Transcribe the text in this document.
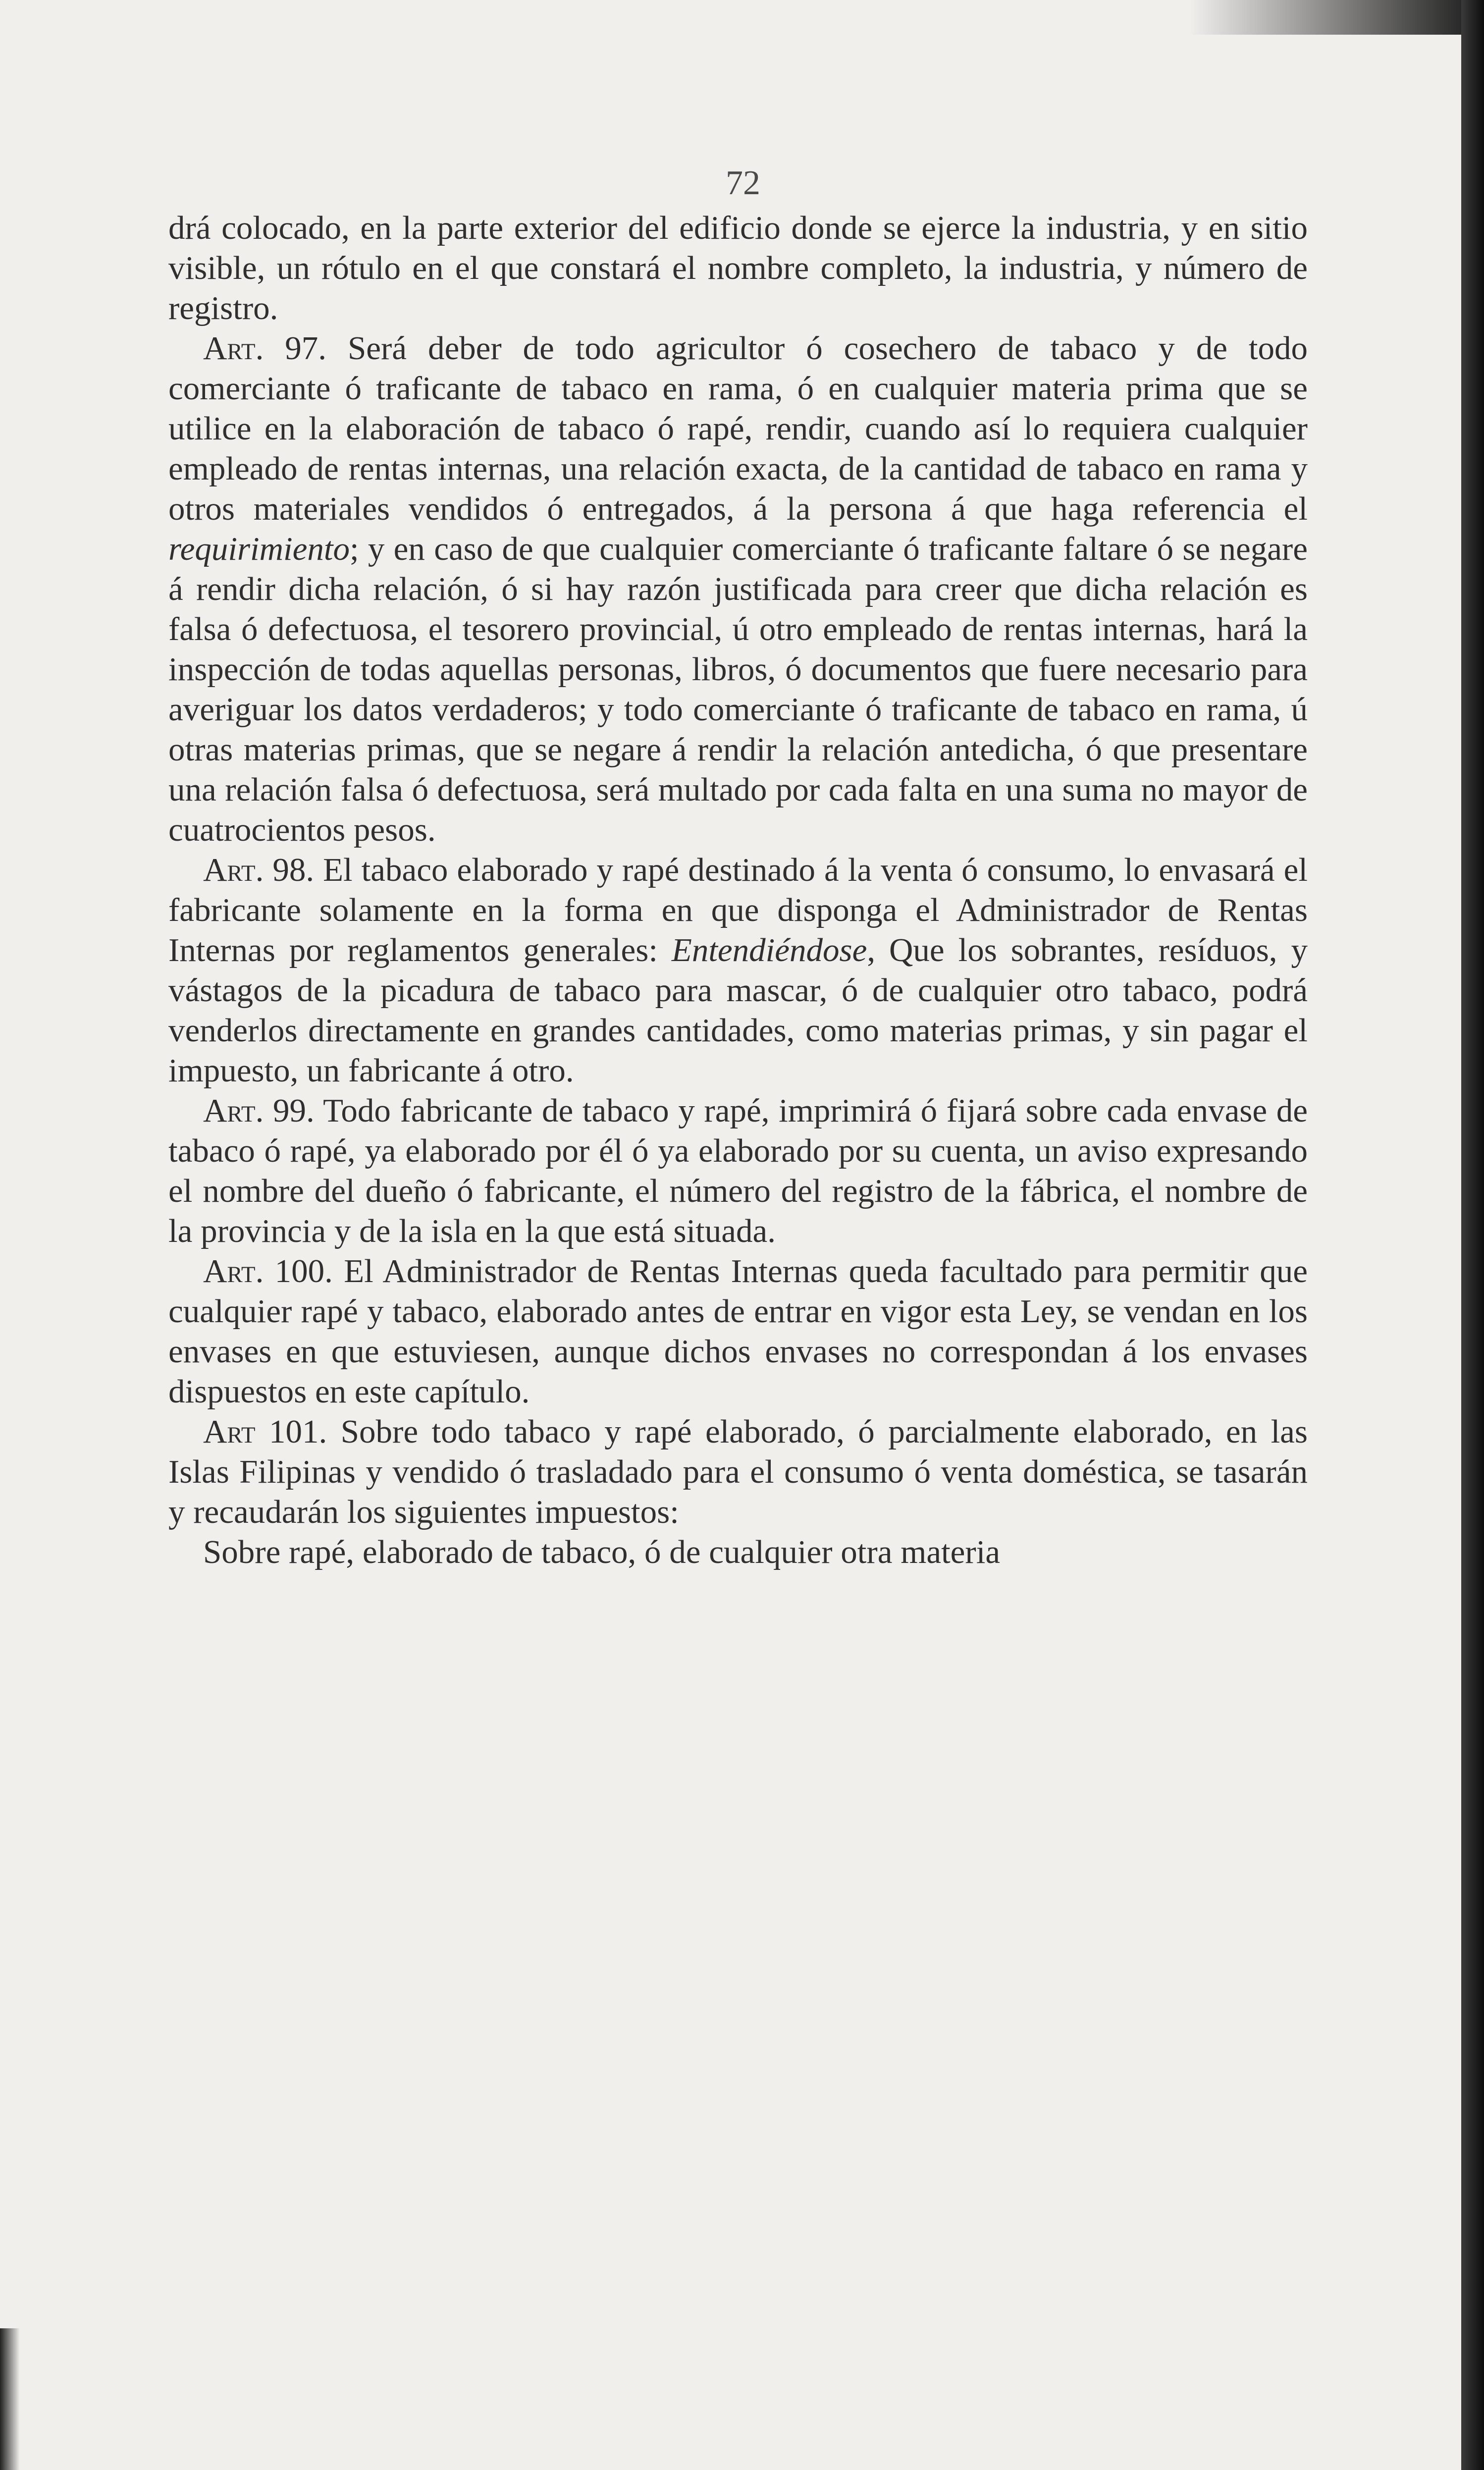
72

drá colocado, en la parte exterior del edificio donde se ejerce la industria, y en sitio visible, un rótulo en el que constará el nombre completo, la industria, y número de registro.

Art. 97. Será deber de todo agricultor ó cosechero de tabaco y de todo comerciante ó traficante de tabaco en rama, ó en cualquier materia prima que se utilice en la elaboración de tabaco ó rapé, rendir, cuando así lo requiera cualquier empleado de rentas internas, una relación exacta, de la cantidad de tabaco en rama y otros materiales vendidos ó entregados, á la persona á que haga referencia el requirimiento; y en caso de que cualquier comerciante ó traficante faltare ó se negare á rendir dicha relación, ó si hay razón justificada para creer que dicha relación es falsa ó defectuosa, el tesorero provincial, ú otro empleado de rentas internas, hará la inspección de todas aquellas personas, libros, ó documentos que fuere necesario para averiguar los datos verdaderos; y todo comerciante ó traficante de tabaco en rama, ú otras materias primas, que se negare á rendir la relación antedicha, ó que presentare una relación falsa ó defectuosa, será multado por cada falta en una suma no mayor de cuatrocientos pesos.

Art. 98. El tabaco elaborado y rapé destinado á la venta ó consumo, lo envasará el fabricante solamente en la forma en que disponga el Administrador de Rentas Internas por reglamentos generales: Entendiéndose, Que los sobrantes, resíduos, y vástagos de la picadura de tabaco para mascar, ó de cualquier otro tabaco, podrá venderlos directamente en grandes cantidades, como materias primas, y sin pagar el impuesto, un fabricante á otro.

Art. 99. Todo fabricante de tabaco y rapé, imprimirá ó fijará sobre cada envase de tabaco ó rapé, ya elaborado por él ó ya elaborado por su cuenta, un aviso expresando el nombre del dueño ó fabricante, el número del registro de la fábrica, el nombre de la provincia y de la isla en la que está situada.

Art. 100. El Administrador de Rentas Internas queda facultado para permitir que cualquier rapé y tabaco, elaborado antes de entrar en vigor esta Ley, se vendan en los envases en que estuviesen, aunque dichos envases no correspondan á los envases dispuestos en este capítulo.

Art 101. Sobre todo tabaco y rapé elaborado, ó parcialmente elaborado, en las Islas Filipinas y vendido ó trasladado para el consumo ó venta doméstica, se tasarán y recaudarán los siguientes impuestos:

Sobre rapé, elaborado de tabaco, ó de cualquier otra materia
